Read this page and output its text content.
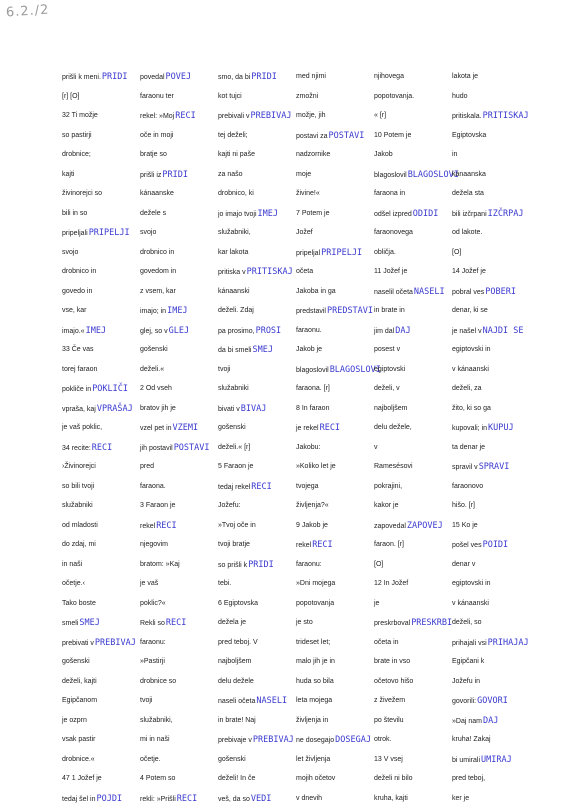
6.2./2
prišli k meni.PRIDI
[r] [O]
32 Ti možje
so pastirji
drobnice;
kajti
živinorejci so
bili in so
pripeljaliPRIPELJI
svojo
drobnico in
govedo in
vse, kar
imajo.«IMEJ
33 Če vas
torej faraon
pokliče inPOKLIČI
vpraša, kajVPRAŠAJ
je vaš poklic,
34 recite:RECI
›Živinorejci
so bili tvoji
služabniki
od mladosti
do zdaj, mi
in naši
očetje.‹
Tako boste
smeliSMEJ
prebivati vPREBIVAJ
gošenski
deželi, kajti
Egipčanom
je ozprn
vsak pastir
drobnice.«
47 1 Jožef je
tedaj šel inPOJDI
povedalPOVEJ
faraonu ter
rekel: »MojRECI
oče in moji
bratje so
prišli izPRIDI
kánaanske
dežele s
svojo
drobnico in
govedom in
z vsem, kar
imajo; inIMEJ
glej, so vGLEJ
gošenski
deželi.«
2 Od vseh
bratov jih je
vzel pet inVZEMI
jih postavilPOSTAVI
pred
faraona.
3 Faraon je
rekelRECI
njegovim
bratom: »Kaj
je vaš
poklic?«
Rekli soRECI
faraonu:
»Pastirji
drobnice so
tvoji
služabniki,
mi in naši
očetje.
4 Potem so
rekli: »PrišliRECI
smo, da biPRIDI
kot tujci
prebivali vPREBIVAJ
tej deželi;
kajti ni paše
za našo
drobnico, ki
jo imajo tvojiIMEJ
služabniki,
kar lakota
pritiska vPRITISKAJ
kánaanski
deželi. Zdaj
pa prosimo,PROSI
da bi smeliSMEJ
tvoji
služabniki
bivati vBIVAJ
gošenski
deželi.« [r]
5 Faraon je
tedaj rekelRECI
Jožefu:
»Tvoj oče in
tvoji bratje
so prišli kPRIDI
tebi.
6 Egiptovska
dežela je
pred teboj. V
najboljšem
delu dežele
naseli očetaNASELI
in brate! Naj
prebivaje vPREBIVAJ
gošenski
deželi! In če
veš, da soVEDI
med njimi
zmožni
možje, jih
postavi zaPOSTAVI
nadzornike
moje
živine!«
7 Potem je
Jožef
pripeljalPRIPELJI
očeta
Jakoba in ga
predstavilPREDSTAVI
faraonu.
Jakob je
blagoslovilBLAGOSLOVI
faraona. [r]
8 In faraon
je rekelRECI
Jakobu:
»Koliko let je
tvojega
življenja?«
9 Jakob je
rekelRECI
faraonu:
»Dni mojega
popotovanja
je sto
trideset let;
malo jih je in
huda so bila
leta mojega
življenja in
ne dosegajoDOSEGAJ
let življenja
mojih očetov
v dnevih
njihovega
popotovanja.
« [r]
10 Potem je
Jakob
blagoslovilBLAGOSLOVI
faraona in
odšel izpredODIDI
faraonovega
obličja.
11 Jožef je
naselil očetaNASELI
in brate in
jim dalDAJ
posest v
egiptovski
deželi, v
najboljšem
delu dežele,
v
Ramesésovi
pokrajini,
kakor je
zapovedalZAPOVEJ
faraon. [r]
[O]
12 In Jožef
je
preskrbovalPRESKRBI
očeta in
brate in vso
očetovo hišo
z živežem
po številu
otrok.
13 V vsej
deželi ni bilo
kruha, kajti
lakota je
hudo
pritiskala.PRITISKAJ
Egiptovska
in
kánaanska
dežela sta
bili izčrpaniIZČRPAJ
od lakote.
[O]
14 Jožef je
pobral vesPOBERI
denar, ki se
je našel vNAJDI SE
egiptovski in
v kánaanski
deželi, za
žito, ki so ga
kupovali; inKUPUJ
ta denar je
spravil vSPRAVI
faraonovo
hišo. [r]
15 Ko je
pošel vesPOIDI
denar v
egiptovski in
v kánaanski
deželi, so
prihajali vsiPRIHAJAJ
Egipčani k
Jožefu in
govorili:GOVORI
»Daj namDAJ
kruha! Zakaj
bi umiraliUMIRAJ
pred teboj,
ker je
